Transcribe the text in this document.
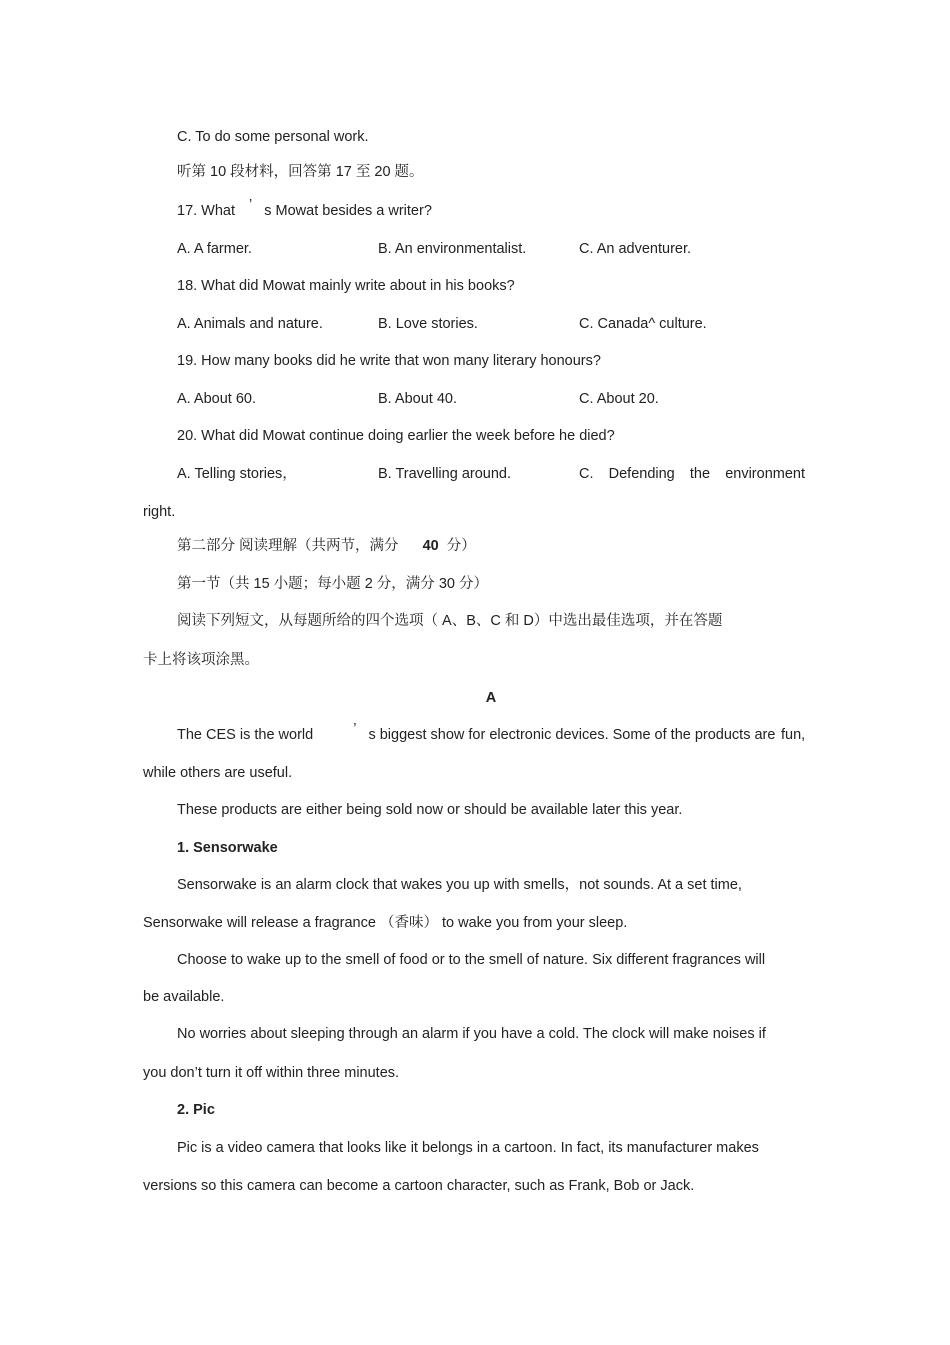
C. To do some personal work.
听第 10 段材料，回答第 17 至 20 题。
17. What ’ s Mowat besides a writer?
A. A farmer.	B. An environmentalist.	C. An adventurer.
18. What did Mowat mainly write about in his books?
A. Animals and nature.	B. Love stories.	C. Canada^ culture.
19. How many books did he write that won many literary honours?
A. About 60.	B. About 40.	C. About 20.
20. What did Mowat continue doing earlier the week before he died?
A. Telling stories，	B. Travelling around.	C. Defending the environment
right.
第二部分 阅读理解（共两节，满分 40 分）
第一节（共 15 小题；每小题 2 分，满分 30 分）
阅读下列短文，从每题所给的四个选项（ A、B、C 和 D）中选出最佳选项，并在答题
卡上将该项涂黑。
A
The CES is the world	’ s biggest show for electronic devices. Some of the products are fun,
while others are useful.
These products are either being sold now or should be available later this year.
1. Sensorwake
Sensorwake is an alarm clock that wakes you up with smells，not sounds. At a set time,
Sensorwake will release a fragrance （香味） to wake you from your sleep.
Choose to wake up to the smell of food or to the smell of nature. Six different fragrances will
be available.
No worries about sleeping through an alarm if you have a cold. The clock will make noises if
you don’t turn it off within three minutes.
2. Pic
Pic is a video camera that looks like it belongs in a cartoon. In fact, its manufacturer makes
versions so this camera can become a cartoon character, such as Frank, Bob or Jack.
